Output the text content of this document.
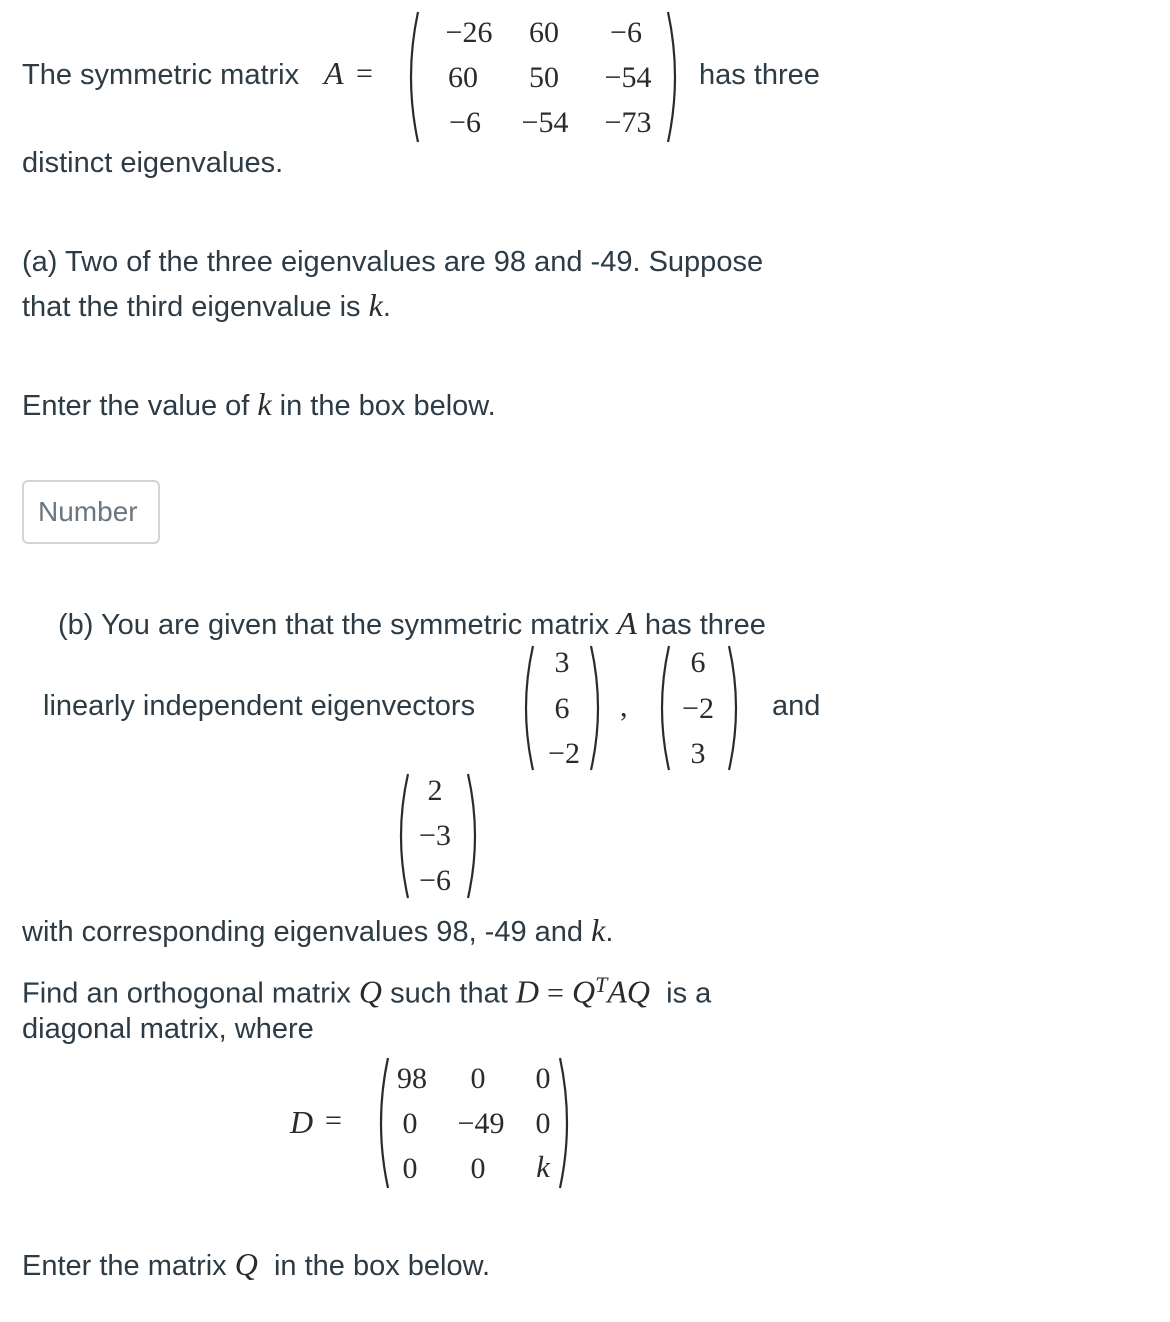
The symmetric matrix A =
−26 60 −6
60 50 −54
−6 −54 −73
has three
distinct eigenvalues.
(a) Two of the three eigenvalues are 98 and -49. Suppose
that the third eigenvalue is k.
Enter the value of k in the box below.
Number
(b) You are given that the symmetric matrix A has three
linearly independent eigenvectors
3
6
−2
,
6
−2
3
and
2
−3
−6
with corresponding eigenvalues 98, -49 and k.
Find an orthogonal matrix Q such that $D = Q^TAQ$ is a
diagonal matrix, where
D =
98 0 0
0 −49 0
0 0 k
Enter the matrix Q in the box below.
